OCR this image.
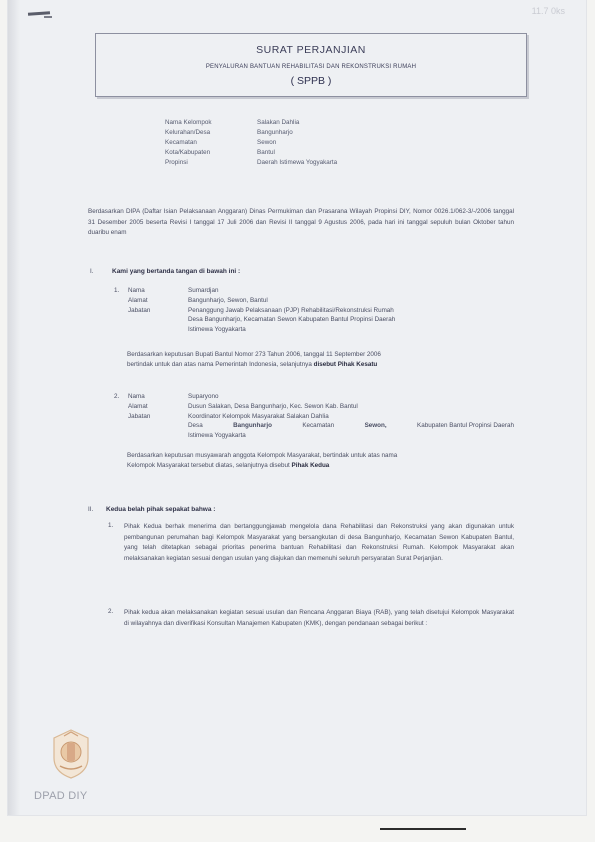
11.7 0ks
SURAT PERJANJIAN
PENYALURAN BANTUAN REHABILITASI DAN REKONSTRUKSI RUMAH
( SPPB )
Nama Kelompok	Salakan Dahlia
Kelurahan/Desa	Bangunharjo
Kecamatan	Sewon
Kota/Kabupaten	Bantul
Propinsi	Daerah Istimewa Yogyakarta
Berdasarkan DIPA (Daftar Isian Pelaksanaan Anggaran) Dinas Permukiman dan Prasarana Wilayah Propinsi DIY, Nomor 0026.1/062-3/-/2006 tanggal 31 Desember 2005 beserta Revisi I tanggal 17 Juli 2006 dan Revisi II tanggal 9 Agustus 2006, pada hari ini tanggal sepuluh bulan Oktober tahun duaribu enam
I.	Kami yang bertanda tangan di bawah ini :
1.	Nama	Sumardjan
Alamat	Bangunharjo, Sewon, Bantul
Jabatan	Penanggung Jawab Pelaksanaan (PJP) Rehabilitasi/Rekonstruksi Rumah
Desa Bangunharjo, Kecamatan Sewon Kabupaten Bantul Propinsi Daerah
Istimewa Yogyakarta
Berdasarkan keputusan Bupati Bantul Nomor 273 Tahun 2006, tanggal 11 September 2006
bertindak untuk dan atas nama Pemerintah Indonesia, selanjutnya disebut Pihak Kesatu
2.	Nama	Suparyono
Alamat	Dusun Salakan, Desa Bangunharjo, Kec. Sewon Kab. Bantul
Jabatan	Koordinator Kelompok Masyarakat Salakan Dahlia
Desa	Bangunharjo	Kecamatan	Sewon,	Kabupaten Bantul Propinsi Daerah
Istimewa Yogyakarta
Berdasarkan keputusan musyawarah anggota Kelompok Masyarakat, bertindak untuk atas nama
Kelompok Masyarakat tersebut diatas, selanjutnya disebut Pihak Kedua
II. Kedua belah pihak sepakat bahwa :
1. Pihak Kedua berhak menerima dan bertanggungjawab mengelola dana Rehabilitasi dan Rekonstruksi yang akan digunakan untuk pembangunan perumahan bagi Kelompok Masyarakat yang bersangkutan di desa Bangunharjo, Kecamatan Sewon Kabupaten Bantul, yang telah ditetapkan sebagai prioritas penerima bantuan Rehabilitasi dan Rekonstruksi Rumah. Kelompok Masyarakat akan melaksanakan kegiatan sesuai dengan usulan yang diajukan dan memenuhi seluruh persyaratan Surat Perjanjian.
2. Pihak kedua akan melaksanakan kegiatan sesuai usulan dan Rencana Anggaran Biaya (RAB), yang telah disetujui Kelompok Masyarakat di wilayahnya dan diverifikasi Konsultan Manajemen Kabupaten (KMK), dengan pendanaan sebagai berikut :
DPAD DIY
